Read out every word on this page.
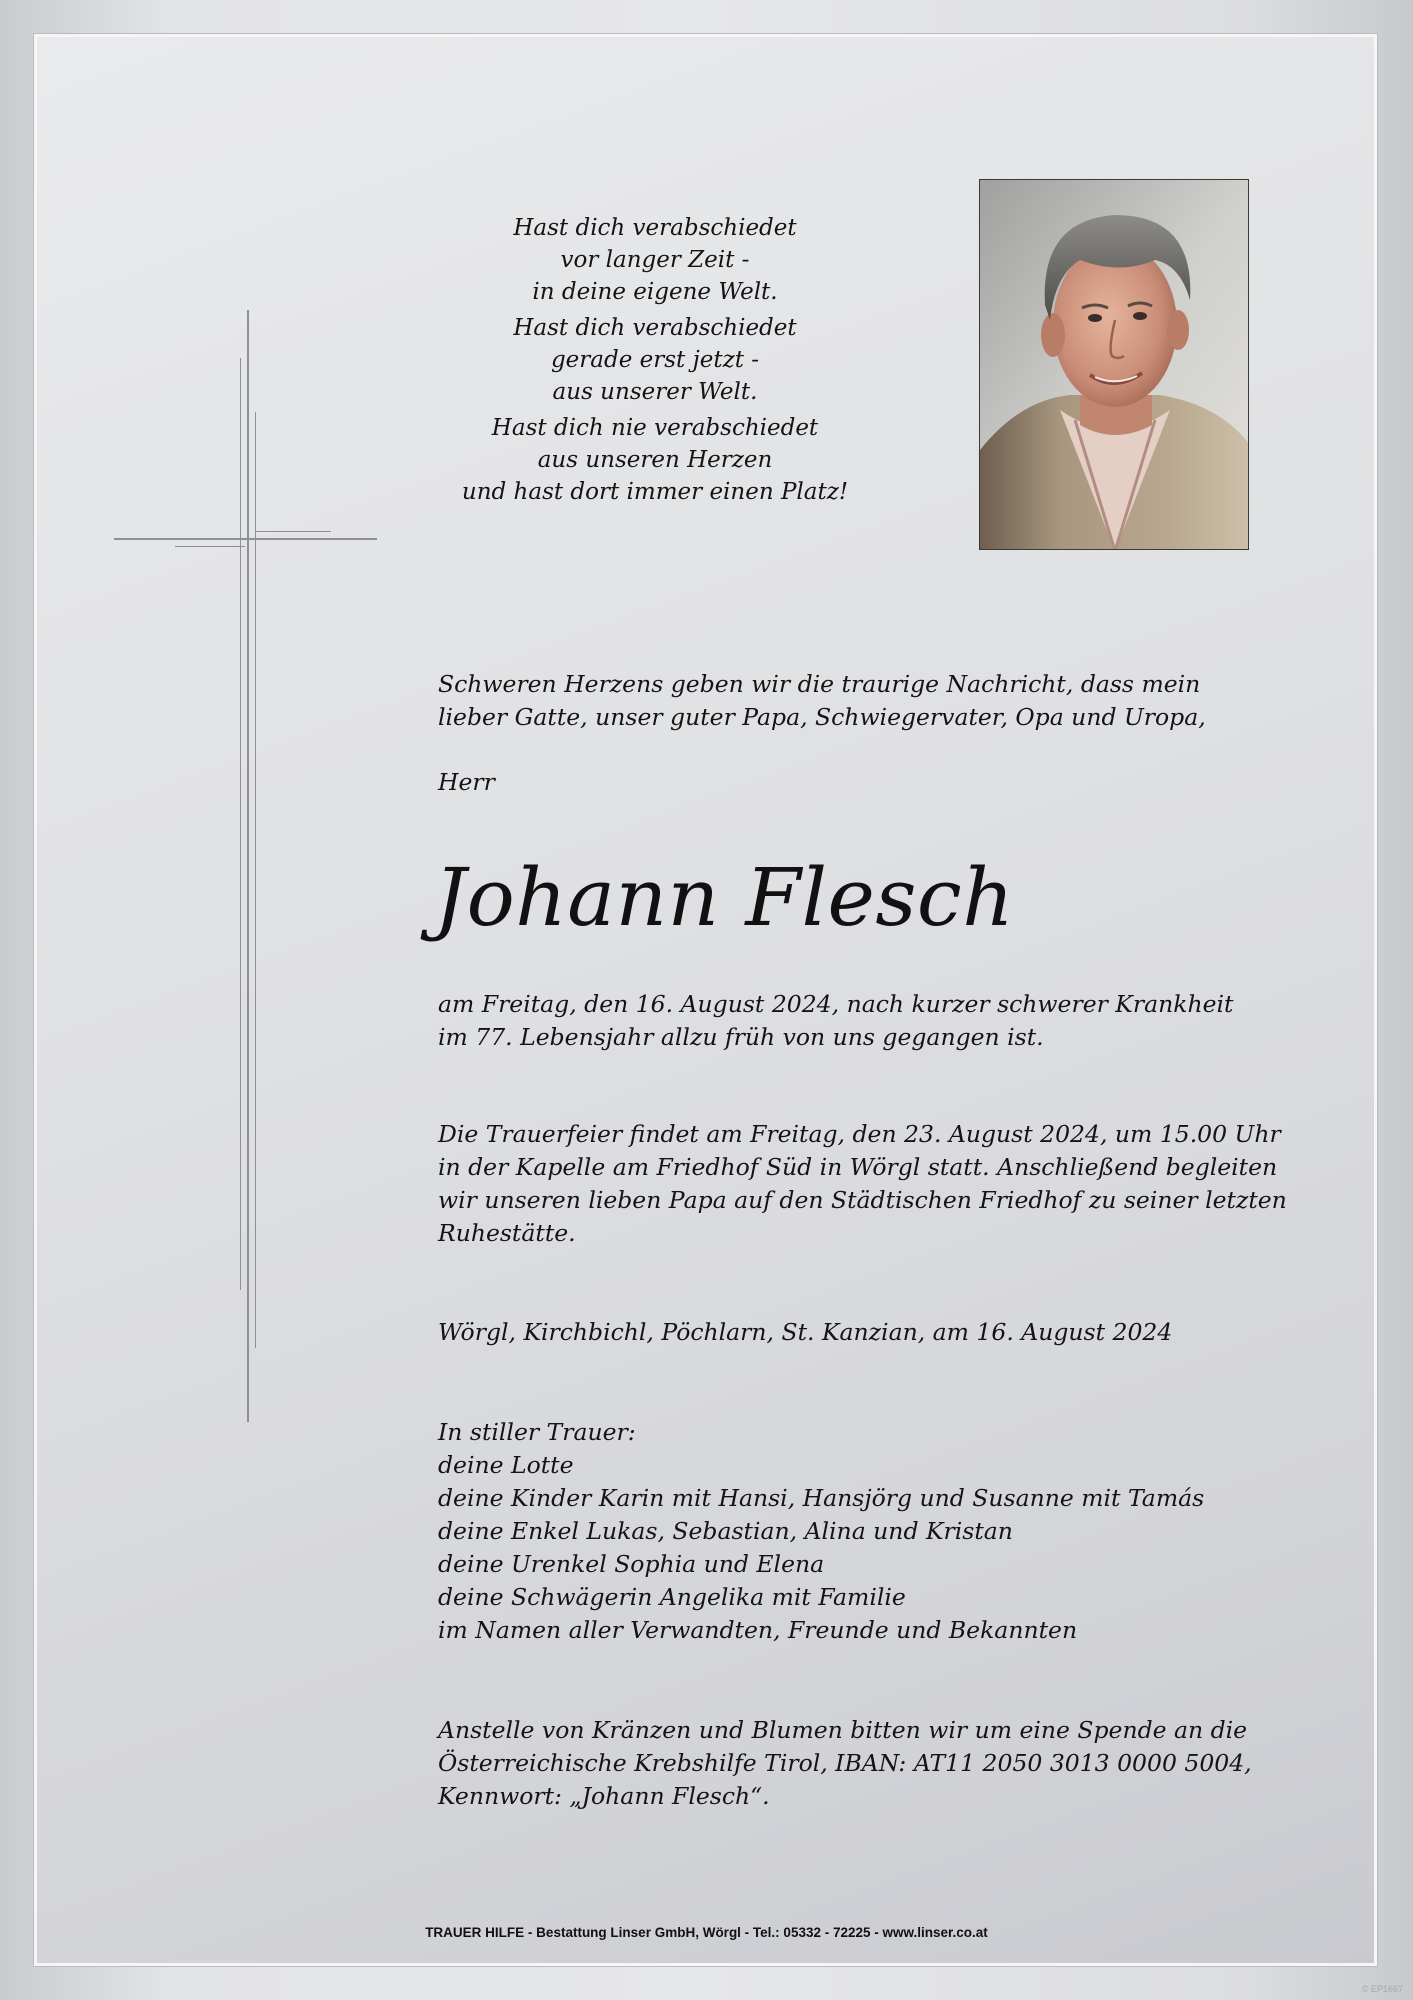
Hast dich verabschiedet
vor langer Zeit -
in deine eigene Welt.
Hast dich verabschiedet
gerade erst jetzt -
aus unserer Welt.
Hast dich nie verabschiedet
aus unseren Herzen
und hast dort immer einen Platz!
Schweren Herzens geben wir die traurige Nachricht, dass mein
lieber Gatte, unser guter Papa, Schwiegervater, Opa und Uropa,
Herr
Johann Flesch
am Freitag, den 16. August 2024, nach kurzer schwerer Krankheit
im 77. Lebensjahr allzu früh von uns gegangen ist.
Die Trauerfeier findet am Freitag, den 23. August 2024, um 15.00 Uhr
in der Kapelle am Friedhof Süd in Wörgl statt. Anschließend begleiten
wir unseren lieben Papa auf den Städtischen Friedhof zu seiner letzten
Ruhestätte.
Wörgl, Kirchbichl, Pöchlarn, St. Kanzian, am 16. August 2024
In stiller Trauer:
deine Lotte
deine Kinder Karin mit Hansi, Hansjörg und Susanne mit Tamás
deine Enkel Lukas, Sebastian, Alina und Kristan
deine Urenkel Sophia und Elena
deine Schwägerin Angelika mit Familie
im Namen aller Verwandten, Freunde und Bekannten
Anstelle von Kränzen und Blumen bitten wir um eine Spende an die
Österreichische Krebshilfe Tirol, IBAN: AT11 2050 3013 0000 5004,
Kennwort: „Johann Flesch“.
TRAUER HILFE - Bestattung Linser GmbH, Wörgl - Tel.: 05332 - 72225 - www.linser.co.at
© EP1667
